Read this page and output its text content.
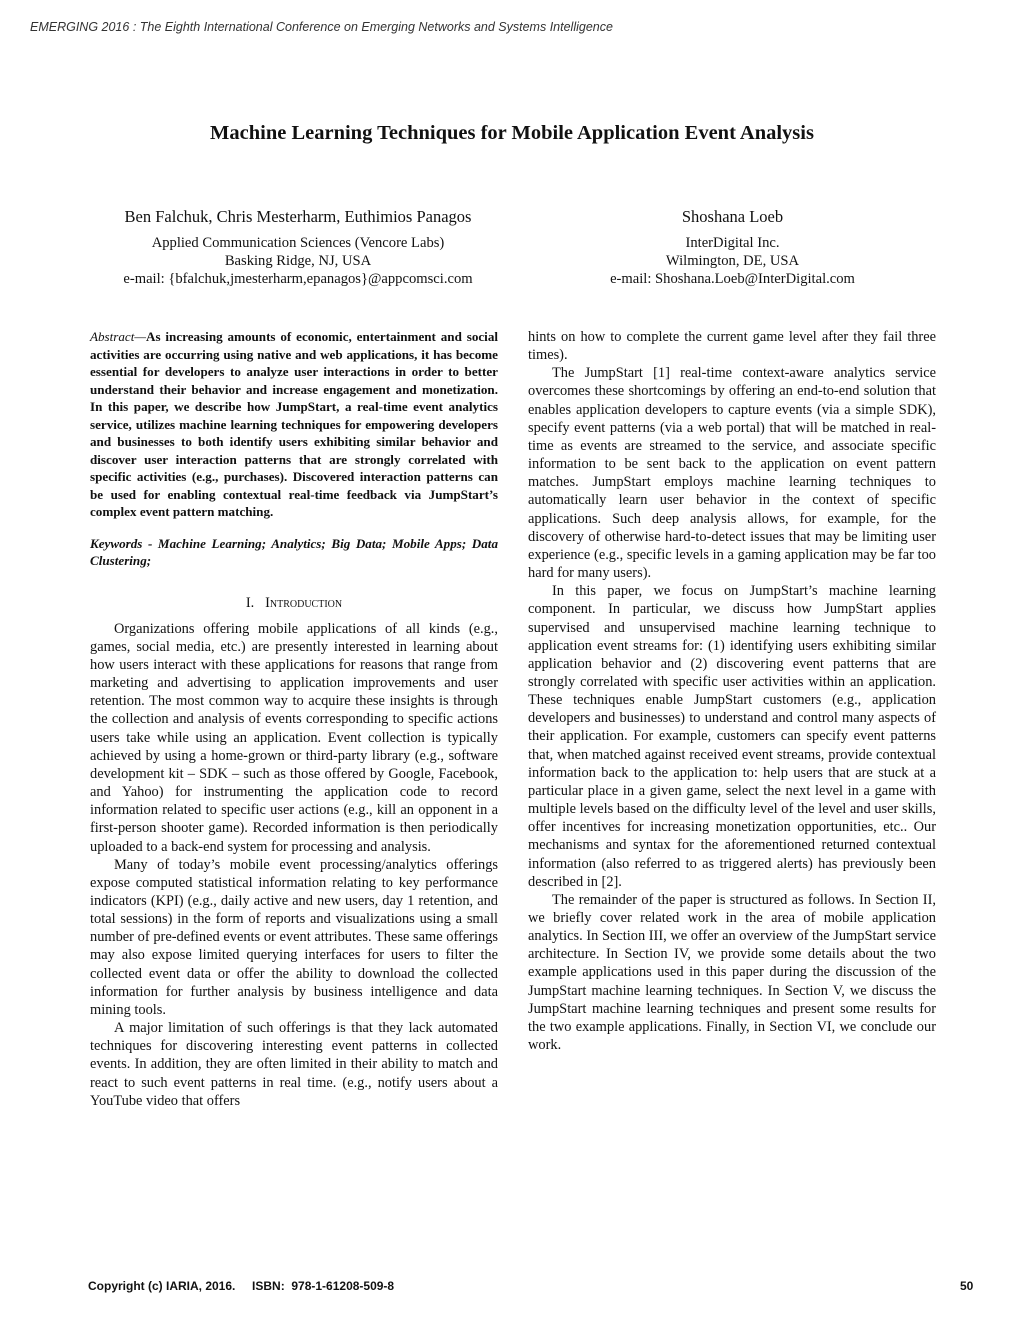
EMERGING 2016 : The Eighth International Conference on Emerging Networks and Systems Intelligence
Machine Learning Techniques for Mobile Application Event Analysis
Ben Falchuk, Chris Mesterharm, Euthimios Panagos
Applied Communication Sciences (Vencore Labs)
Basking Ridge, NJ, USA
e-mail: {bfalchuk,jmesterharm,epanagos}@appcomsci.com
Shoshana Loeb
InterDigital Inc.
Wilmington, DE, USA
e-mail: Shoshana.Loeb@InterDigital.com

Abstract—As increasing amounts of economic, entertainment and social activities are occurring using native and web applications, it has become essential for developers to analyze user interactions in order to better understand their behavior and increase engagement and monetization. In this paper, we describe how JumpStart, a real-time event analytics service, utilizes machine learning techniques for empowering developers and businesses to both identify users exhibiting similar behavior and discover user interaction patterns that are strongly correlated with specific activities (e.g., purchases). Discovered interaction patterns can be used for enabling contextual real-time feedback via JumpStart’s complex event pattern matching.

Keywords - Machine Learning; Analytics; Big Data; Mobile Apps; Data Clustering;

I. Introduction

Organizations offering mobile applications of all kinds (e.g., games, social media, etc.) are presently interested in learning about how users interact with these applications for reasons that range from marketing and advertising to application improvements and user retention. The most common way to acquire these insights is through the collection and analysis of events corresponding to specific actions users take while using an application. Event collection is typically achieved by using a home-grown or third-party library (e.g., software development kit – SDK – such as those offered by Google, Facebook, and Yahoo) for instrumenting the application code to record information related to specific user actions (e.g., kill an opponent in a first-person shooter game). Recorded information is then periodically uploaded to a back-end system for processing and analysis.

Many of today’s mobile event processing/analytics offerings expose computed statistical information relating to key performance indicators (KPI) (e.g., daily active and new users, day 1 retention, and total sessions) in the form of reports and visualizations using a small number of pre-defined events or event attributes. These same offerings may also expose limited querying interfaces for users to filter the collected event data or offer the ability to download the collected information for further analysis by business intelligence and data mining tools.

A major limitation of such offerings is that they lack automated techniques for discovering interesting event patterns in collected events. In addition, they are often limited in their ability to match and react to such event patterns in real time. (e.g., notify users about a YouTube video that offers

hints on how to complete the current game level after they fail three times).

The JumpStart [1] real-time context-aware analytics service overcomes these shortcomings by offering an end-to-end solution that enables application developers to capture events (via a simple SDK), specify event patterns (via a web portal) that will be matched in real-time as events are streamed to the service, and associate specific information to be sent back to the application on event pattern matches. JumpStart employs machine learning techniques to automatically learn user behavior in the context of specific applications. Such deep analysis allows, for example, for the discovery of otherwise hard-to-detect issues that may be limiting user experience (e.g., specific levels in a gaming application may be far too hard for many users).

In this paper, we focus on JumpStart’s machine learning component. In particular, we discuss how JumpStart applies supervised and unsupervised machine learning technique to application event streams for: (1) identifying users exhibiting similar application behavior and (2) discovering event patterns that are strongly correlated with specific user activities within an application. These techniques enable JumpStart customers (e.g., application developers and businesses) to understand and control many aspects of their application. For example, customers can specify event patterns that, when matched against received event streams, provide contextual information back to the application to: help users that are stuck at a particular place in a given game, select the next level in a game with multiple levels based on the difficulty level of the level and user skills, offer incentives for increasing monetization opportunities, etc.. Our mechanisms and syntax for the aforementioned returned contextual information (also referred to as triggered alerts) has previously been described in [2].

The remainder of the paper is structured as follows. In Section II, we briefly cover related work in the area of mobile application analytics. In Section III, we offer an overview of the JumpStart service architecture. In Section IV, we provide some details about the two example applications used in this paper during the discussion of the JumpStart machine learning techniques. In Section V, we discuss the JumpStart machine learning techniques and present some results for the two example applications. Finally, in Section VI, we conclude our work.

Copyright (c) IARIA, 2016.     ISBN:  978-1-61208-509-8	50
